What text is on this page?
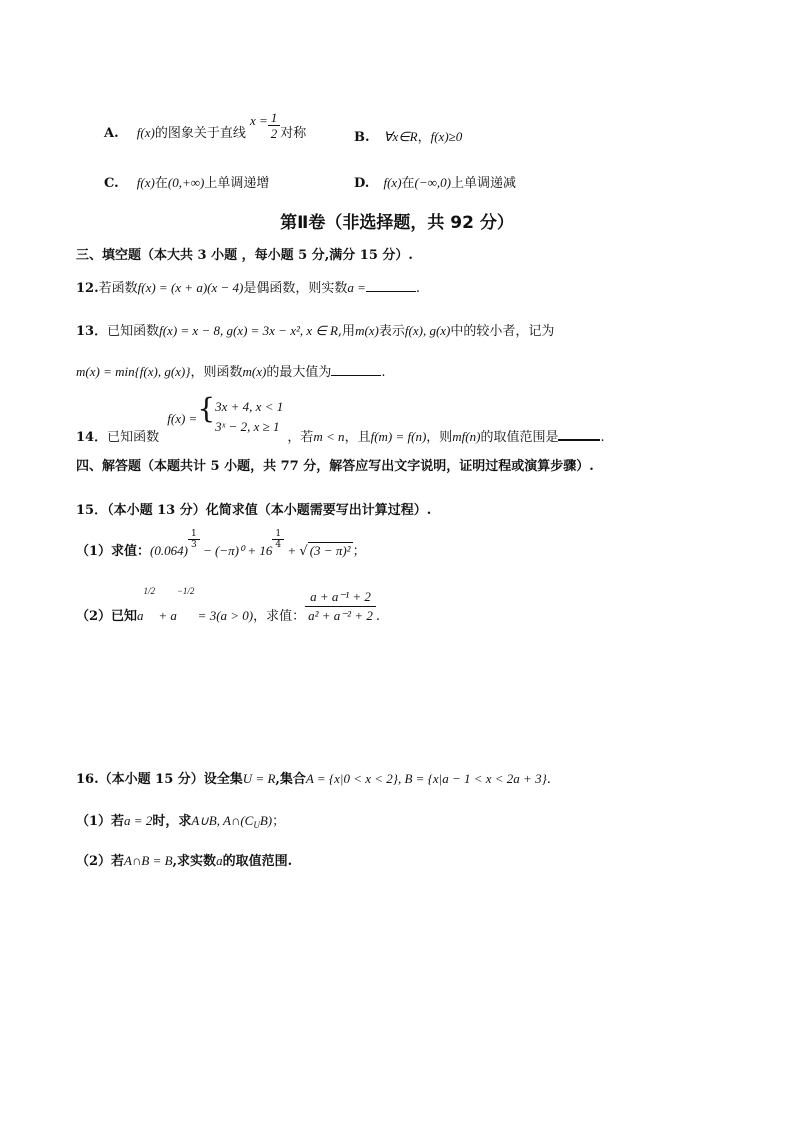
A. f(x)的图象关于直线 $x = \frac{1}{2}$ 对称	B. ∀x∈R，f(x)≥0
C. f(x)在(0,+∞)上单调递增	D. f(x)在(−∞,0)上单调递减
第Ⅱ卷（非选择题，共 92 分）
三、填空题（本大共 3 小题 ，每小题 5 分,满分 15 分）.
12.若函数f(x) = (x + a)(x − 4)是偶函数，则实数a =	.
13．已知函数f(x) = x − 8, g(x) = 3x − x², x ∈ R,用m(x)表示f(x), g(x)中的较小者，记为
m(x) = min{f(x), g(x)}，则函数m(x)的最大值为	.
14．已知函数 f(x) ={ 3x + 4, x < 1
3ˣ − 2, x ≥ 1
，若m < n，且f(m) = f(n)，则mf(n)的取值范围是	.
四、解答题（本题共计 5 小题，共 77 分，解答应写出文字说明，证明过程或演算步骤）.
15．（本小题 13 分）化简求值（本小题需要写出计算过程）.
（1）求值：(0.064)
$\frac{1}{3}$
− (−π)⁰ + 16
$\frac{1}{4}$
+ √ (3 − π)² ；
（2）已知$a^{1/2} + a^{-1/2} = 3(a > 0)$，求值： $\frac{\text{a + a⁻¹ + 2}}{\text{a² + a⁻² + 2}}$ .
16.（本小题 15 分）设全集U = R,集合A = {x|0 < x < 2}, B = {x|a − 1 < x < 2a + 3}.
（1）若a = 2时，求A∪B, $A\cap(C_UB)$；
（2）若A∩B = B,求实数a的取值范围.
